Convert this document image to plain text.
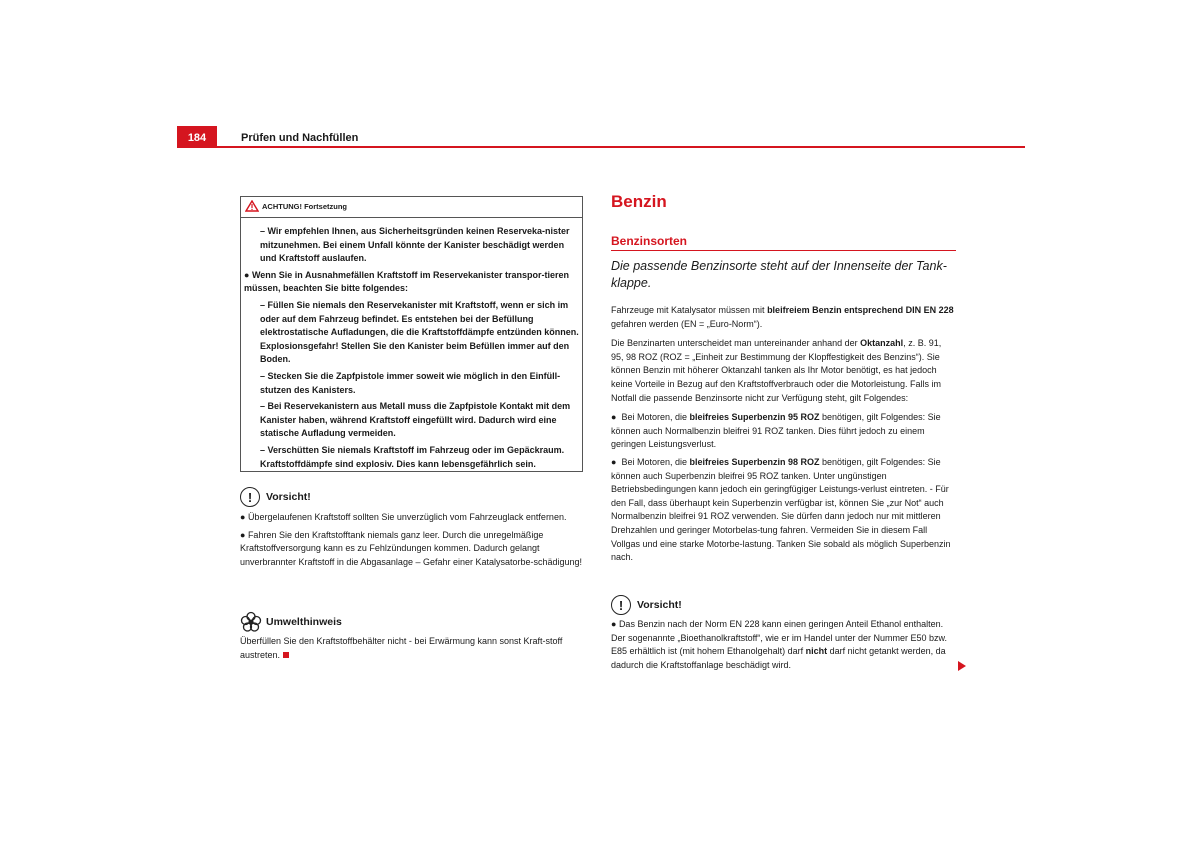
184	Prüfen und Nachfüllen
ACHTUNG! Fortsetzung

– Wir empfehlen Ihnen, aus Sicherheitsgründen keinen Reserveka-nister mitzunehmen. Bei einem Unfall könnte der Kanister beschädigt werden und Kraftstoff auslaufen.

● Wenn Sie in Ausnahmefällen Kraftstoff im Reservekanister transpor-tieren müssen, beachten Sie bitte folgendes:

– Füllen Sie niemals den Reservekanister mit Kraftstoff, wenn er sich im oder auf dem Fahrzeug befindet. Es entstehen bei der Befüllung elektrostatische Aufladungen, die die Kraftstoffdämpfe entzünden können. Explosionsgefahr! Stellen Sie den Kanister beim Befüllen immer auf den Boden.

– Stecken Sie die Zapfpistole immer soweit wie möglich in den Einfüll-stutzen des Kanisters.

– Bei Reservekanistern aus Metall muss die Zapfpistole Kontakt mit dem Kanister haben, während Kraftstoff eingefüllt wird. Dadurch wird eine statische Aufladung vermeiden.

– Verschütten Sie niemals Kraftstoff im Fahrzeug oder im Gepäckraum. Kraftstoffdämpfe sind explosiv. Dies kann lebensgefährlich sein.

!	Vorsicht!

● Übergelaufenen Kraftstoff sollten Sie unverzüglich vom Fahrzeuglack entfernen.

● Fahren Sie den Kraftstofftank niemals ganz leer. Durch die unregelmäßige Kraftstoffversorgung kann es zu Fehlzündungen kommen. Dadurch gelangt unverbrannter Kraftstoff in die Abgasanlage – Gefahr einer Katalysatorbe-schädigung!

Umwelthinweis

Überfüllen Sie den Kraftstoffbehälter nicht - bei Erwärmung kann sonst Kraft-stoff austreten.

Benzin
Benzinsorten
Die passende Benzinsorte steht auf der Innenseite der Tank-klappe.

Fahrzeuge mit Katalysator müssen mit bleifreiem Benzin entsprechend DIN EN 228 gefahren werden (EN = „Euro-Norm“).

Die Benzinarten unterscheidet man untereinander anhand der Oktanzahl, z. B. 91, 95, 98 ROZ (ROZ = „Einheit zur Bestimmung der Klopffestigkeit des Benzins“). Sie können Benzin mit höherer Oktanzahl tanken als Ihr Motor benötigt, es hat jedoch keine Vorteile in Bezug auf den Kraftstoffverbrauch oder die Motorleistung. Falls im Notfall die passende Benzinsorte nicht zur Verfügung steht, gilt Folgendes:

●  Bei Motoren, die bleifreies Superbenzin 95 ROZ benötigen, gilt Folgendes: Sie können auch Normalbenzin bleifrei 91 ROZ tanken. Dies führt jedoch zu einem geringen Leistungsverlust.

●  Bei Motoren, die bleifreies Superbenzin 98 ROZ benötigen, gilt Folgendes: Sie können auch Superbenzin bleifrei 95 ROZ tanken. Unter ungünstigen Betriebsbedingungen kann jedoch ein geringfügiger Leistungs-verlust eintreten. - Für den Fall, dass überhaupt kein Superbenzin verfügbar ist, können Sie „zur Not“ auch Normalbenzin bleifrei 91 ROZ verwenden. Sie dürfen dann jedoch nur mit mittleren Drehzahlen und geringer Motorbelas-tung fahren. Vermeiden Sie in diesem Fall Vollgas und eine starke Motorbe-lastung. Tanken Sie sobald als möglich Superbenzin nach.

!	Vorsicht!

● Das Benzin nach der Norm EN 228 kann einen geringen Anteil Ethanol enthalten. Der sogenannte „Bioethanolkraftstoff“, wie er im Handel unter der Nummer E50 bzw. E85 erhältlich ist (mit hohem Ethanolgehalt) darf nicht darf nicht getankt werden, da dadurch die Kraftstoffanlage beschädigt wird.
